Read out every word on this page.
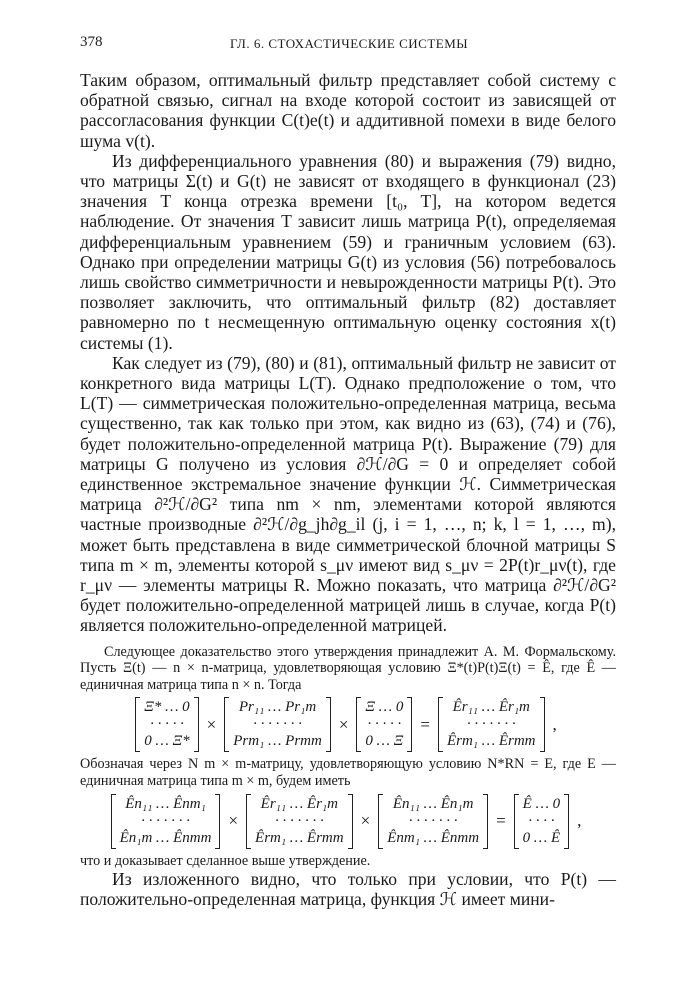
378	ГЛ. 6. СТОХАСТИЧЕСКИЕ СИСТЕМЫ

Таким образом, оптимальный фильтр представляет собой систему с обратной связью, сигнал на входе которой состоит из зависящей от рассогласования функции C(t)e(t) и аддитивной помехи в виде белого шума v(t).

Из дифференциального уравнения (80) и выражения (79) видно, что матрицы Σ(t) и G(t) не зависят от входящего в функционал (23) значения T конца отрезка времени [t₀, T], на котором ведется наблюдение. От значения T зависит лишь матрица P(t), определяемая дифференциальным уравнением (59) и граничным условием (63). Однако при определении матрицы G(t) из условия (56) потребовалось лишь свойство симметричности и невырожденности матрицы P(t). Это позволяет заключить, что оптимальный фильтр (82) доставляет равномерно по t несмещенную оптимальную оценку состояния x(t) системы (1).

Как следует из (79), (80) и (81), оптимальный фильтр не зависит от конкретного вида матрицы L(T). Однако предположение о том, что L(T) — симметрическая положительно-определенная матрица, весьма существенно, так как только при этом, как видно из (63), (74) и (76), будет положительно-определенной матрица P(t). Выражение (79) для матрицы G получено из условия ∂ℋ/∂G = 0 и определяет собой единственное экстремальное значение функции ℋ. Симметрическая матрица ∂²ℋ/∂G² типа nm × nm, элементами которой являются частные производные ∂²ℋ/∂g_jh∂g_il (j, i = 1, …, n; k, l = 1, …, m), может быть представлена в виде симметрической блочной матрицы S типа m × m, элементы которой s_μν имеют вид s_μν = 2P(t)r_μν(t), где r_μν — элементы матрицы R. Можно показать, что матрица ∂²ℋ/∂G² будет положительно-определенной матрицей лишь в случае, когда P(t) является положительно-определенной матрицей.

Следующее доказательство этого утверждения принадлежит А. М. Формальскому. Пусть Ξ(t) — n × n-матрица, удовлетворяющая условию Ξ*(t)P(t)Ξ(t) = Ê, где Ê — единичная матрица типа n × n. Тогда

Ξ* … 0
· · · · ·
0 … Ξ*
×
Pr₁₁ … Pr₁m
· · · · · · ·
Prm₁ … Prmm
×
Ξ … 0
· · · · ·
0 … Ξ
=
Êr₁₁ … Êr₁m
· · · · · · ·
Êrm₁ … Êrmm
,

Обозначая через N m × m-матрицу, удовлетворяющую условию N*RN = E, где E — единичная матрица типа m × m, будем иметь

Ên₁₁ … Ênm₁
· · · · · · ·
Ên₁m … Ênmm
×
Êr₁₁ … Êr₁m
· · · · · · ·
Êrm₁ … Êrmm
×
Ên₁₁ … Ên₁m
· · · · · · ·
Ênm₁ … Ênmm
=
Ê … 0
· · · ·
0 … Ê
,

что и доказывает сделанное выше утверждение.

Из изложенного видно, что только при условии, что P(t) — положительно-определенная матрица, функция ℋ имеет мини-
